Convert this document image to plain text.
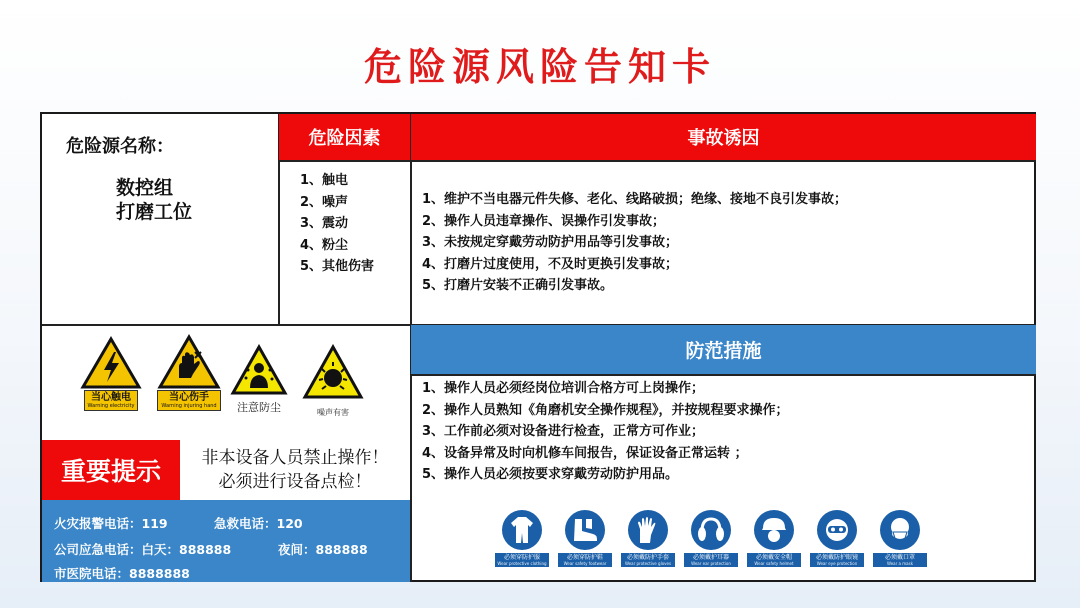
危险源风险告知卡
危险源名称：
数控组
打磨工位
危险因素
1、触电
2、噪声
3、震动
4、粉尘
5、其他伤害
事故诱因
1、维护不当电器元件失修、老化、线路破损；绝缘、接地不良引发事故；
2、操作人员违章操作、误操作引发事故；
3、未按规定穿戴劳动防护用品等引发事故；
4、打磨片过度使用，不及时更换引发事故；
5、打磨片安装不正确引发事故。
当心触电
Warning electricity
当心伤手
Warning injuring hand	注意防尘	噪声有害
重要提示	非本设备人员禁止操作！
必须进行设备点检！
火灾报警电话：119	急救电话：120
公司应急电话：白天：888888	夜间：888888
市医院电话：8888888
防范措施
1、操作人员必须经岗位培训合格方可上岗操作；
2、操作人员熟知《角磨机安全操作规程》，并按规程要求操作；
3、工作前必须对设备进行检查，正常方可作业；
4、设备异常及时向机修车间报告，保证设备正常运转 ；
5、操作人员必须按要求穿戴劳动防护用品。
必须穿防护服
Wear protective clothing
必须穿防护鞋
Wear safety footwear
必须戴防护手套
Wear protective gloves
必须戴护耳器
Wear ear protection
必须戴安全帽
Wear safety helmet
必须戴防护眼镜
Wear eye protection
必须戴口罩
Wear a mask
